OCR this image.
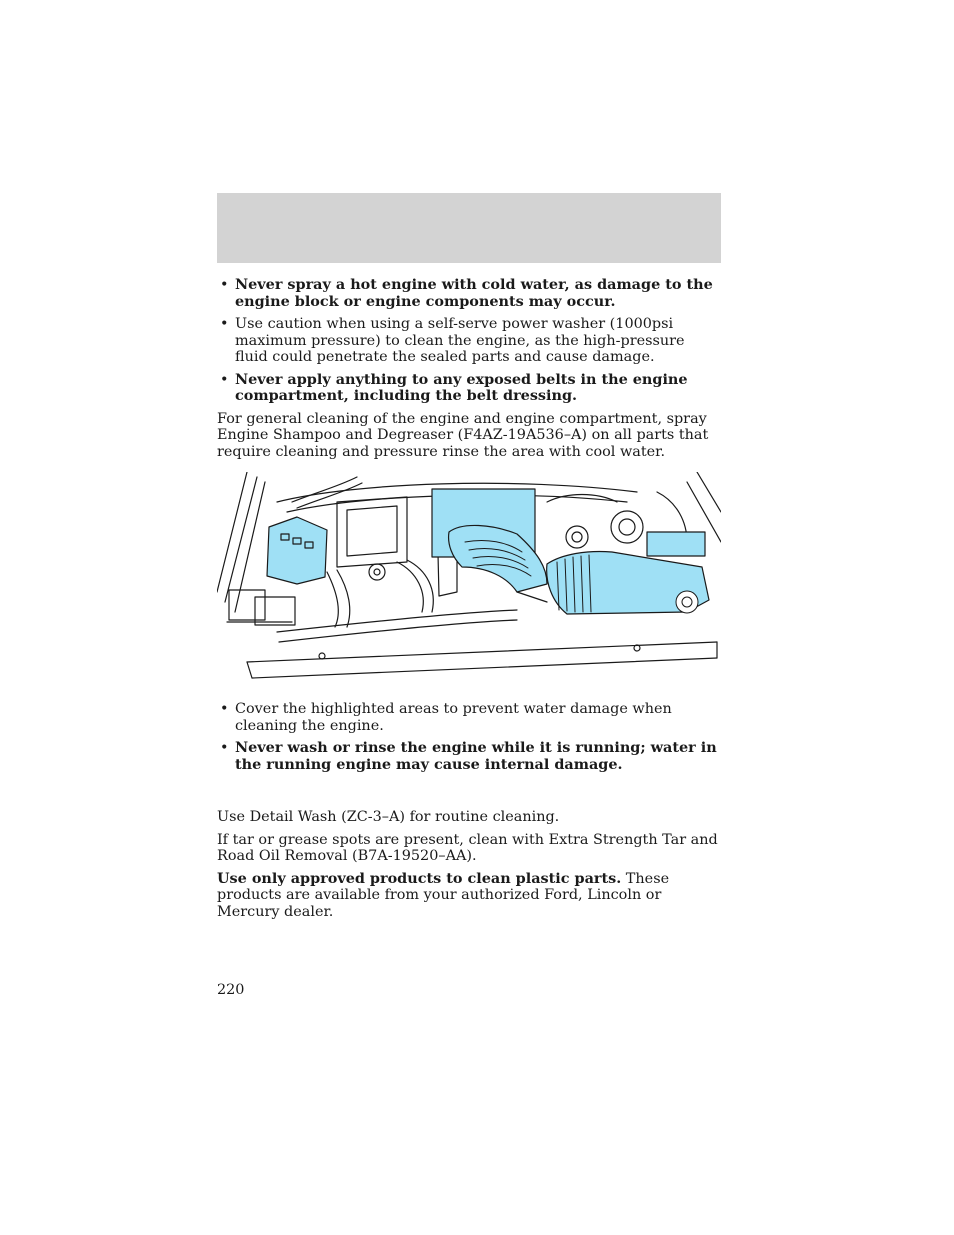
• Never spray a hot engine with cold water, as damage to the engine block or engine components may occur.
• Use caution when using a self-serve power washer (1000psi maximum pressure) to clean the engine, as the high-pressure fluid could penetrate the sealed parts and cause damage.
• Never apply anything to any exposed belts in the engine compartment, including the belt dressing.

For general cleaning of the engine and engine compartment, spray Engine Shampoo and Degreaser (F4AZ-19A536–A) on all parts that require cleaning and pressure rinse the area with cool water.

• Cover the highlighted areas to prevent water damage when cleaning the engine.
• Never wash or rinse the engine while it is running; water in the running engine may cause internal damage.

Use Detail Wash (ZC-3–A) for routine cleaning.

If tar or grease spots are present, clean with Extra Strength Tar and Road Oil Removal (B7A-19520–AA).

Use only approved products to clean plastic parts. These products are available from your authorized Ford, Lincoln or Mercury dealer.

220
